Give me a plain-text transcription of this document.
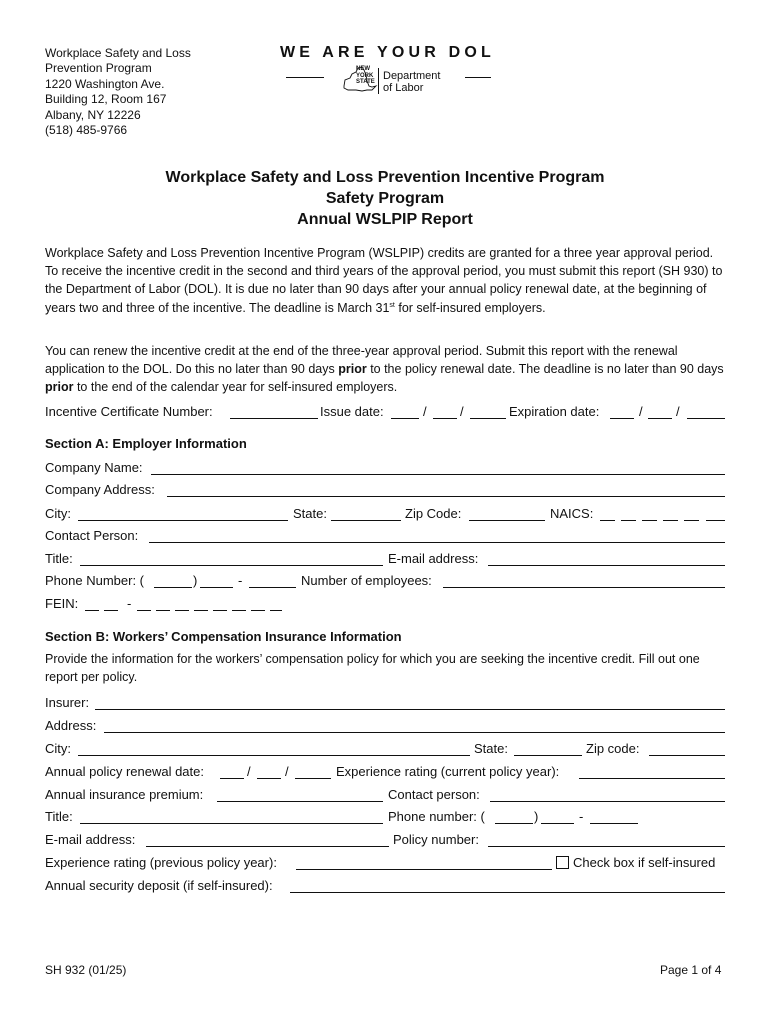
Workplace Safety and Loss
Prevention Program
1220 Washington Ave.
Building 12, Room 167
Albany, NY 12226
(518) 485-9766
WE ARE YOUR DOL
NEW
YORK
STATE Department
of Labor
Workplace Safety and Loss Prevention Incentive Program
Safety Program
Annual WSLPIP Report
Workplace Safety and Loss Prevention Incentive Program (WSLPIP) credits are granted for a three year approval period. To receive the incentive credit in the second and third years of the approval period, you must submit this report (SH 930) to the Department of Labor (DOL). It is due no later than 90 days after your annual policy renewal date, at the beginning of years two and three of the incentive. The deadline is March 31st for self-insured employers.
You can renew the incentive credit at the end of the three-year approval period. Submit this report with the renewal application to the DOL. Do this no later than 90 days prior to the policy renewal date. The deadline is no later than 90 days prior to the end of the calendar year for self-insured employers.
Incentive Certificate Number:	Issue date:	/	/	Expiration date:	/	/
Section A: Employer Information
Company Name:
Company Address:
City:	State:	Zip Code:	NAICS:
Contact Person:
Title:	E-mail address:
Phone Number: (	)	-	Number of employees:
FEIN:	-
Section B: Workers’ Compensation Insurance Information
Provide the information for the workers’ compensation policy for which you are seeking the incentive credit. Fill out one report per policy.
Insurer:
Address:
City:	State:	Zip code:
Annual policy renewal date:	/	/	Experience rating (current policy year):
Annual insurance premium:	Contact person:
Title:	Phone number: (	)	-
E-mail address:	Policy number:
Experience rating (previous policy year):	Check box if self-insured
Annual security deposit (if self-insured):
SH 932 (01/25)	Page 1 of 4
